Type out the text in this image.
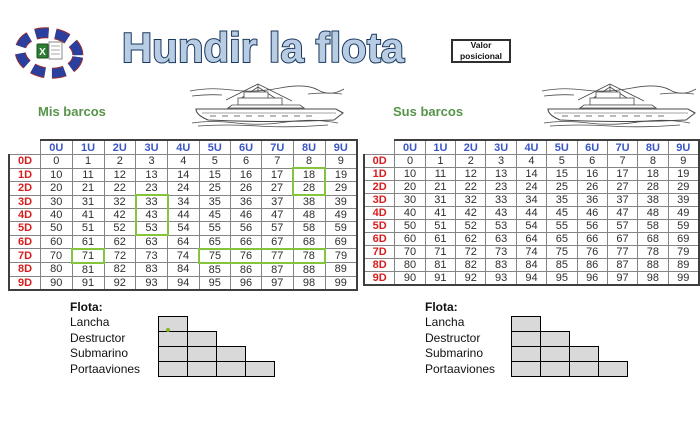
X Hundir la flota	Valor posicional
Mis barcos	Sus barcos
	0U	1U	2U	3U	4U	5U	6U	7U	8U	9U
0D	0	1	2	3	4	5	6	7	8	9
1D	10	11	12	13	14	15	16	17	18	19
2D	20	21	22	23	24	25	26	27	28	29
3D	30	31	32	33	34	35	36	37	38	39
4D	40	41	42	43	44	45	46	47	48	49
5D	50	51	52	53	54	55	56	57	58	59
6D	60	61	62	63	64	65	66	67	68	69
7D	70	71	72	73	74	75	76	77	78	79
8D	80	81	82	83	84	85	86	87	88	89
9D	90	91	92	93	94	95	96	97	98	99
	0U	1U	2U	3U	4U	5U	6U	7U	8U	9U
0D	0	1	2	3	4	5	6	7	8	9
1D	10	11	12	13	14	15	16	17	18	19
2D	20	21	22	23	24	25	26	27	28	29
3D	30	31	32	33	34	35	36	37	38	39
4D	40	41	42	43	44	45	46	47	48	49
5D	50	51	52	53	54	55	56	57	58	59
6D	60	61	62	63	64	65	66	67	68	69
7D	70	71	72	73	74	75	76	77	78	79
8D	80	81	82	83	84	85	86	87	88	89
9D	90	91	92	93	94	95	96	97	98	99
Flota:
Lancha
Destructor
Submarino
Portaaviones
Flota:
Lancha
Destructor
Submarino
Portaaviones
